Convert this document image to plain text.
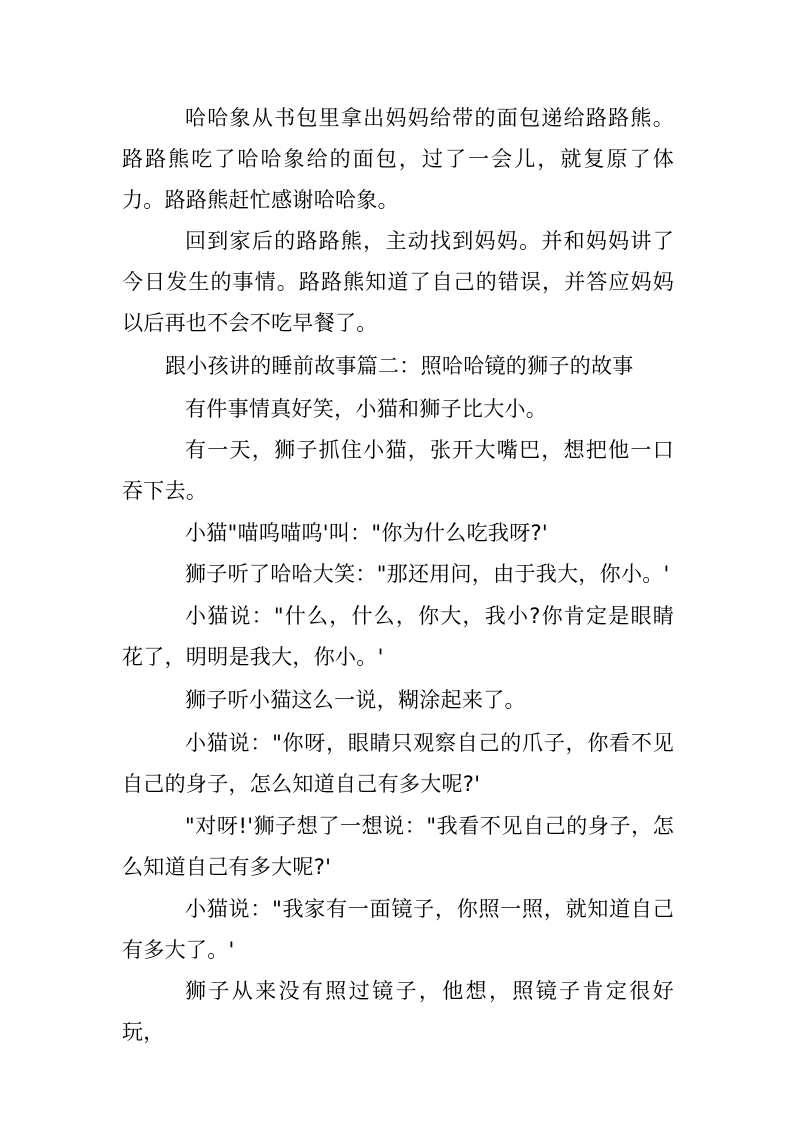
哈哈象从书包里拿出妈妈给带的面包递给路路熊。路路熊吃了哈哈象给的面包，过了一会儿，就复原了体力。路路熊赶忙感谢哈哈象。

回到家后的路路熊，主动找到妈妈。并和妈妈讲了今日发生的事情。路路熊知道了自己的错误，并答应妈妈以后再也不会不吃早餐了。

跟小孩讲的睡前故事篇二：照哈哈镜的狮子的故事

有件事情真好笑，小猫和狮子比大小。

有一天，狮子抓住小猫，张开大嘴巴，想把他一口吞下去。

小猫"喵呜喵呜'叫："你为什么吃我呀?'

狮子听了哈哈大笑："那还用问，由于我大，你小。'

小猫说："什么，什么，你大，我小?你肯定是眼睛花了，明明是我大，你小。'

狮子听小猫这么一说，糊涂起来了。

小猫说："你呀，眼睛只观察自己的爪子，你看不见自己的身子，怎么知道自己有多大呢?'

"对呀!'狮子想了一想说："我看不见自己的身子，怎么知道自己有多大呢?'

小猫说："我家有一面镜子，你照一照，就知道自己有多大了。'

狮子从来没有照过镜子，他想，照镜子肯定很好玩，
